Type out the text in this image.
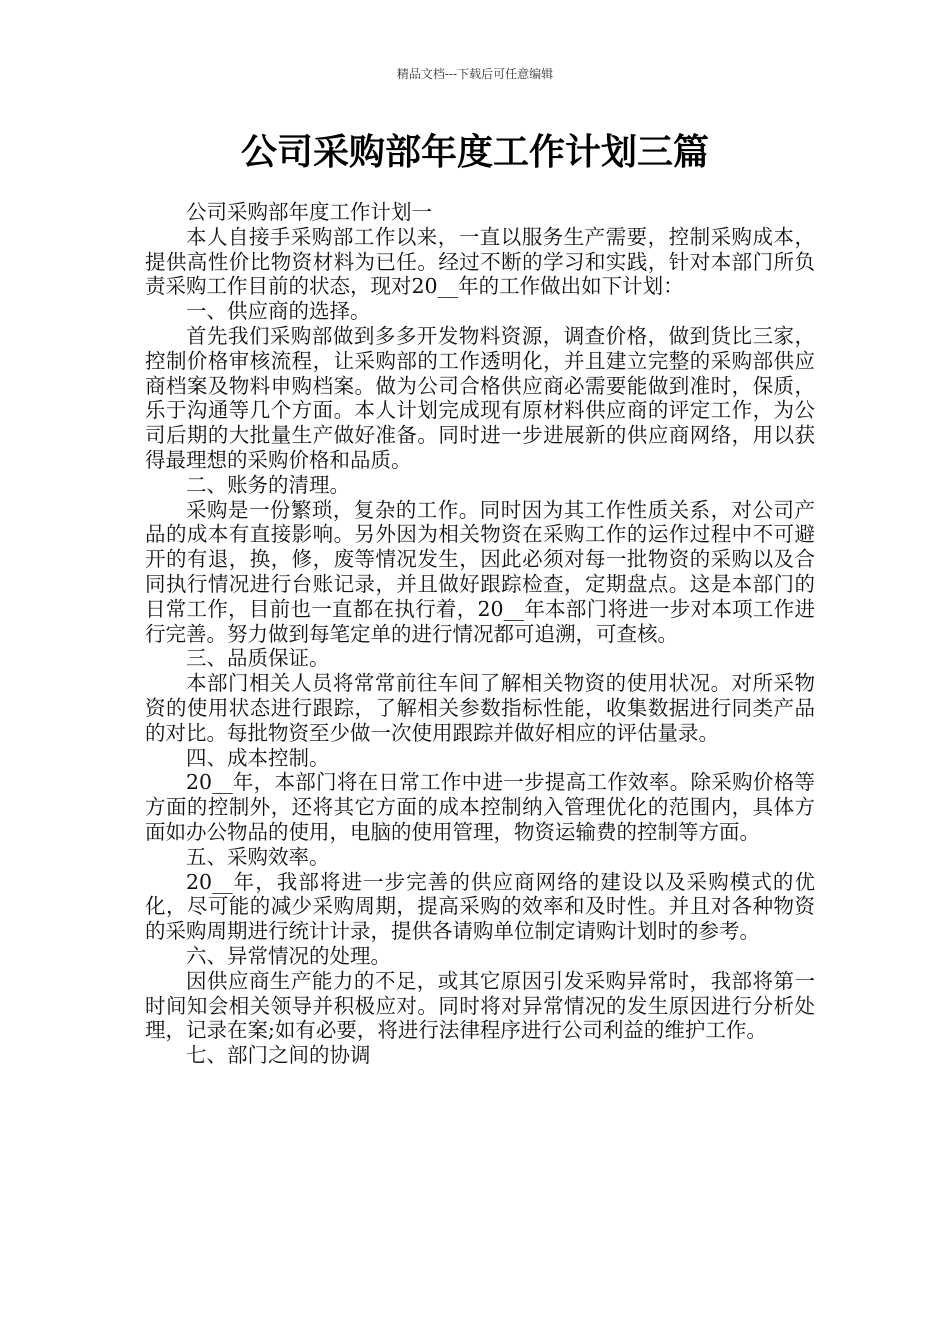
精品文档---下载后可任意编辑
公司采购部年度工作计划三篇

公司采购部年度工作计划一

本人自接手采购部工作以来，一直以服务生产需要，控制采购成本，提供高性价比物资材料为已任。经过不断的学习和实践，针对本部门所负责采购工作目前的状态，现对20__年的工作做出如下计划：

一、供应商的选择。

首先我们采购部做到多多开发物料资源，调查价格，做到货比三家，控制价格审核流程，让采购部的工作透明化，并且建立完整的采购部供应商档案及物料申购档案。做为公司合格供应商必需要能做到准时，保质，乐于沟通等几个方面。本人计划完成现有原材料供应商的评定工作，为公司后期的大批量生产做好准备。同时进一步进展新的供应商网络，用以获得最理想的采购价格和品质。

二、账务的清理。

采购是一份繁琐，复杂的工作。同时因为其工作性质关系，对公司产品的成本有直接影响。另外因为相关物资在采购工作的运作过程中不可避开的有退，换，修，废等情况发生，因此必须对每一批物资的采购以及合同执行情况进行台账记录，并且做好跟踪检查，定期盘点。这是本部门的日常工作，目前也一直都在执行着，20__年本部门将进一步对本项工作进行完善。努力做到每笔定单的进行情况都可追溯，可查核。

三、品质保证。

本部门相关人员将常常前往车间了解相关物资的使用状况。对所采物资的使用状态进行跟踪，了解相关参数指标性能，收集数据进行同类产品的对比。每批物资至少做一次使用跟踪并做好相应的评估量录。

四、成本控制。

20__年，本部门将在日常工作中进一步提高工作效率。除采购价格等方面的控制外，还将其它方面的成本控制纳入管理优化的范围内，具体方面如办公物品的使用，电脑的使用管理，物资运输费的控制等方面。

五、采购效率。

20__年，我部将进一步完善的供应商网络的建设以及采购模式的优化，尽可能的减少采购周期，提高采购的效率和及时性。并且对各种物资的采购周期进行统计计录，提供各请购单位制定请购计划时的参考。

六、异常情况的处理。

因供应商生产能力的不足，或其它原因引发采购异常时，我部将第一时间知会相关领导并积极应对。同时将对异常情况的发生原因进行分析处理，记录在案;如有必要，将进行法律程序进行公司利益的维护工作。

七、部门之间的协调
